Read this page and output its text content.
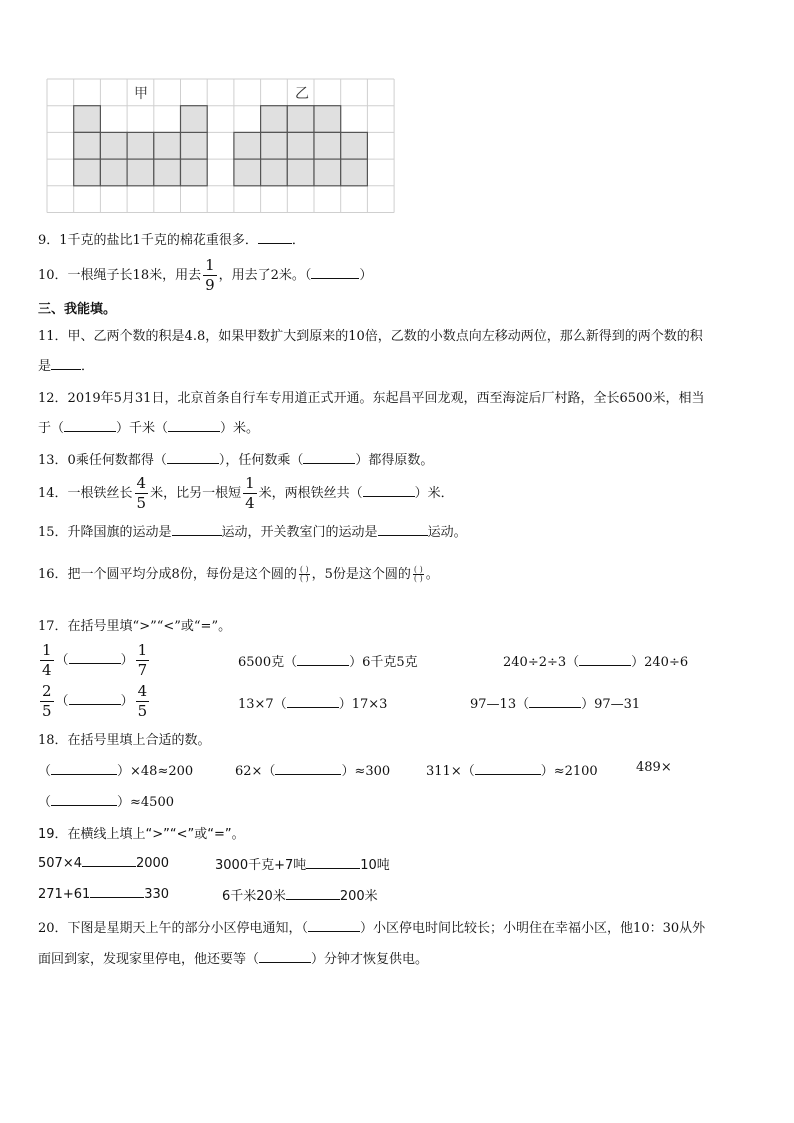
甲	乙
9．1千克的盐比1千克的棉花重很多．	．
10．一根绳子长18米，用去 $\frac{1}{9}$ ，用去了2米。（	）
三、我能填。
11．甲、乙两个数的积是4.8，如果甲数扩大到原来的10倍，乙数的小数点向左移动两位，那么新得到的两个数的积
是 ．
12．2019年5月31日，北京首条自行车专用道正式开通。东起昌平回龙观，西至海淀后厂村路，全长6500米，相当
于（	）千米（	）米。
13．0乘任何数都得（	），任何数乘（	）都得原数。
14．一根铁丝长 $\frac{4}{5}$ 米，比另一根短 $\frac{1}{4}$ 米，两根铁丝共（	）米．
15．升降国旗的运动是	运动，开关教室门的运动是	运动。
16．把一个圆平均分成8份，每份是这个圆的 $\frac{( )}{( )}$ ，5份是这个圆的 $\frac{( )}{( )}$ 。
17．在括号里填“>”“<”或“=”。
$\frac{1}{4}$ （	） $\frac{1}{7}$	6500克（	）6千克5克	240÷2÷3（	）240÷6
$\frac{2}{5}$ （	） $\frac{4}{5}$	13×7（	）17×3	97—13（	）97—31
18．在括号里填上合适的数。
（	）×48≈200	62×（	）≈300	311×（	）≈2100	489×
（	）≈4500
19．在横线上填上“>”“<”或“=”。
507×4	2000	3000千克+7吨	10吨
271+61	330	6千米20米	200米
20．下图是星期天上午的部分小区停电通知，（	）小区停电时间比较长；小明住在幸福小区，他10：30从外
面回到家，发现家里停电，他还要等（	）分钟才恢复供电。
